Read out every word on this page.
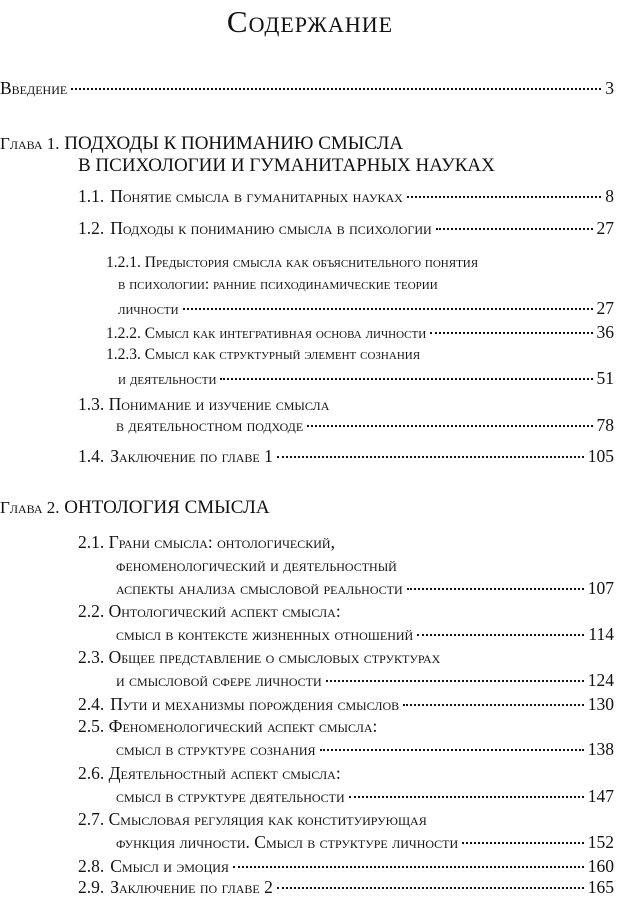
Содержание
Введение	3
Глава 1. ПОДХОДЫ К ПОНИМАНИЮ СМЫСЛА
В ПСИХОЛОГИИ И ГУМАНИТАРНЫХ НАУКАХ
1.1. Понятие смысла в гуманитарных науках	8
1.2. Подходы к пониманию смысла в психологии	27
1.2.1. Предыстория смысла как объяснительного понятия
в психологии: ранние психодинамические теории
личности	27
1.2.2. Смысл как интегративная основа личности	36
1.2.3. Смысл как структурный элемент сознания
и деятельности	51
1.3. Понимание и изучение смысла
в деятельностном подходе	78
1.4. Заключение по главе 1	105
Глава 2. ОНТОЛОГИЯ СМЫСЛА
2.1. Грани смысла: онтологический,
феноменологический и деятельностный
аспекты анализа смысловой реальности	107
2.2. Онтологический аспект смысла:
смысл в контексте жизненных отношений	114
2.3. Общее представление о смысловых структурах
и смысловой сфере личности	124
2.4. Пути и механизмы порождения смыслов	130
2.5. Феноменологический аспект смысла:
смысл в структуре сознания	138
2.6. Деятельностный аспект смысла:
смысл в структуре деятельности	147
2.7. Смысловая регуляция как конституирующая
функция личности. Смысл в структуре личности	152
2.8. Смысл и эмоция	160
2.9. Заключение по главе 2	165
